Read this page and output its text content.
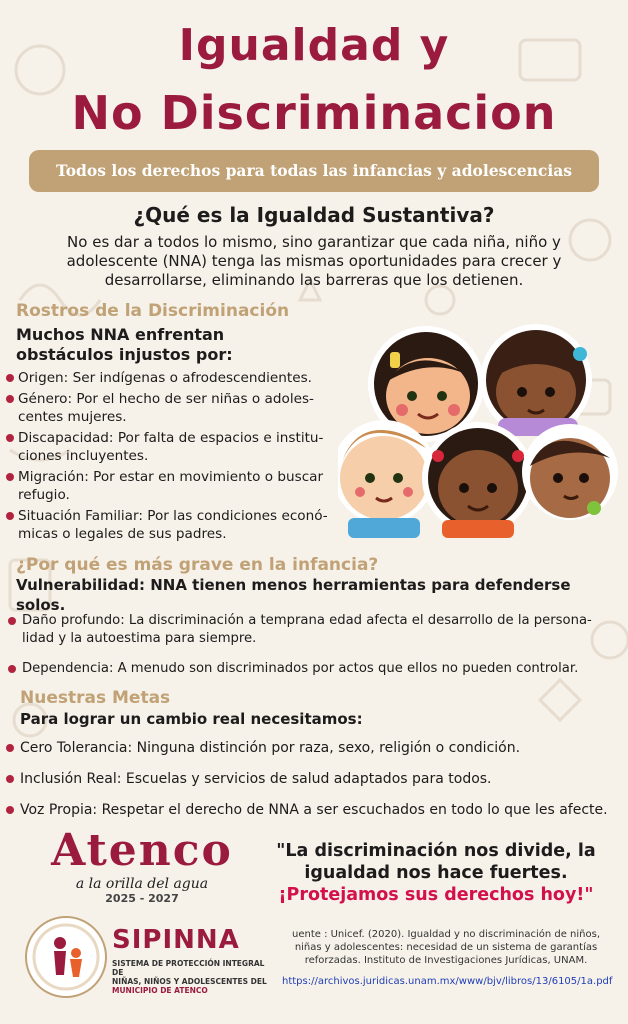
Igualdad y
No Discriminacion
Todos los derechos para todas las infancias y adolescencias
¿Qué es la Igualdad Sustantiva?
No es dar a todos lo mismo, sino garantizar que cada niña, niño y adolescente (NNA) tenga las mismas oportunidades para crecer y desarrollarse, eliminando las barreras que los detienen.
Rostros de la Discriminación
Muchos NNA enfrentan obstáculos injustos por:
Origen: Ser indígenas o afrodescendientes.
Género: Por el hecho de ser niñas o adoles-centes mujeres.
Discapacidad: Por falta de espacios e institu-ciones incluyentes.
Migración: Por estar en movimiento o buscar refugio.
Situación Familiar: Por las condiciones econó-micas o legales de sus padres.
¿Por qué es más grave en la infancia?
Vulnerabilidad: NNA tienen menos herramientas para defenderse solos.
Daño profundo: La discriminación a temprana edad afecta el desarrollo de la persona-lidad y la autoestima para siempre.
Dependencia: A menudo son discriminados por actos que ellos no pueden controlar.
Nuestras Metas
Para lograr un cambio real necesitamos:
Cero Tolerancia: Ninguna distinción por raza, sexo, religión o condición.
Inclusión Real: Escuelas y servicios de salud adaptados para todos.
Voz Propia: Respetar el derecho de NNA a ser escuchados en todo lo que les afecte.
Atenco
a la orilla del agua
2025 - 2027
SIPINNA
SISTEMA DE PROTECCIÓN INTEGRAL DE
NIÑAS, NIÑOS Y ADOLESCENTES DEL
MUNICIPIO DE ATENCO
"La discriminación nos divide, la igualdad nos hace fuertes.
¡Protejamos sus derechos hoy!"
uente : Unicef. (2020). Igualdad y no discriminación de niños, niñas y adolescentes: necesidad de un sistema de garantías reforzadas. Instituto de Investigaciones Jurídicas, UNAM.
https://archivos.juridicas.unam.mx/www/bjv/libros/13/6105/1a.pdf
